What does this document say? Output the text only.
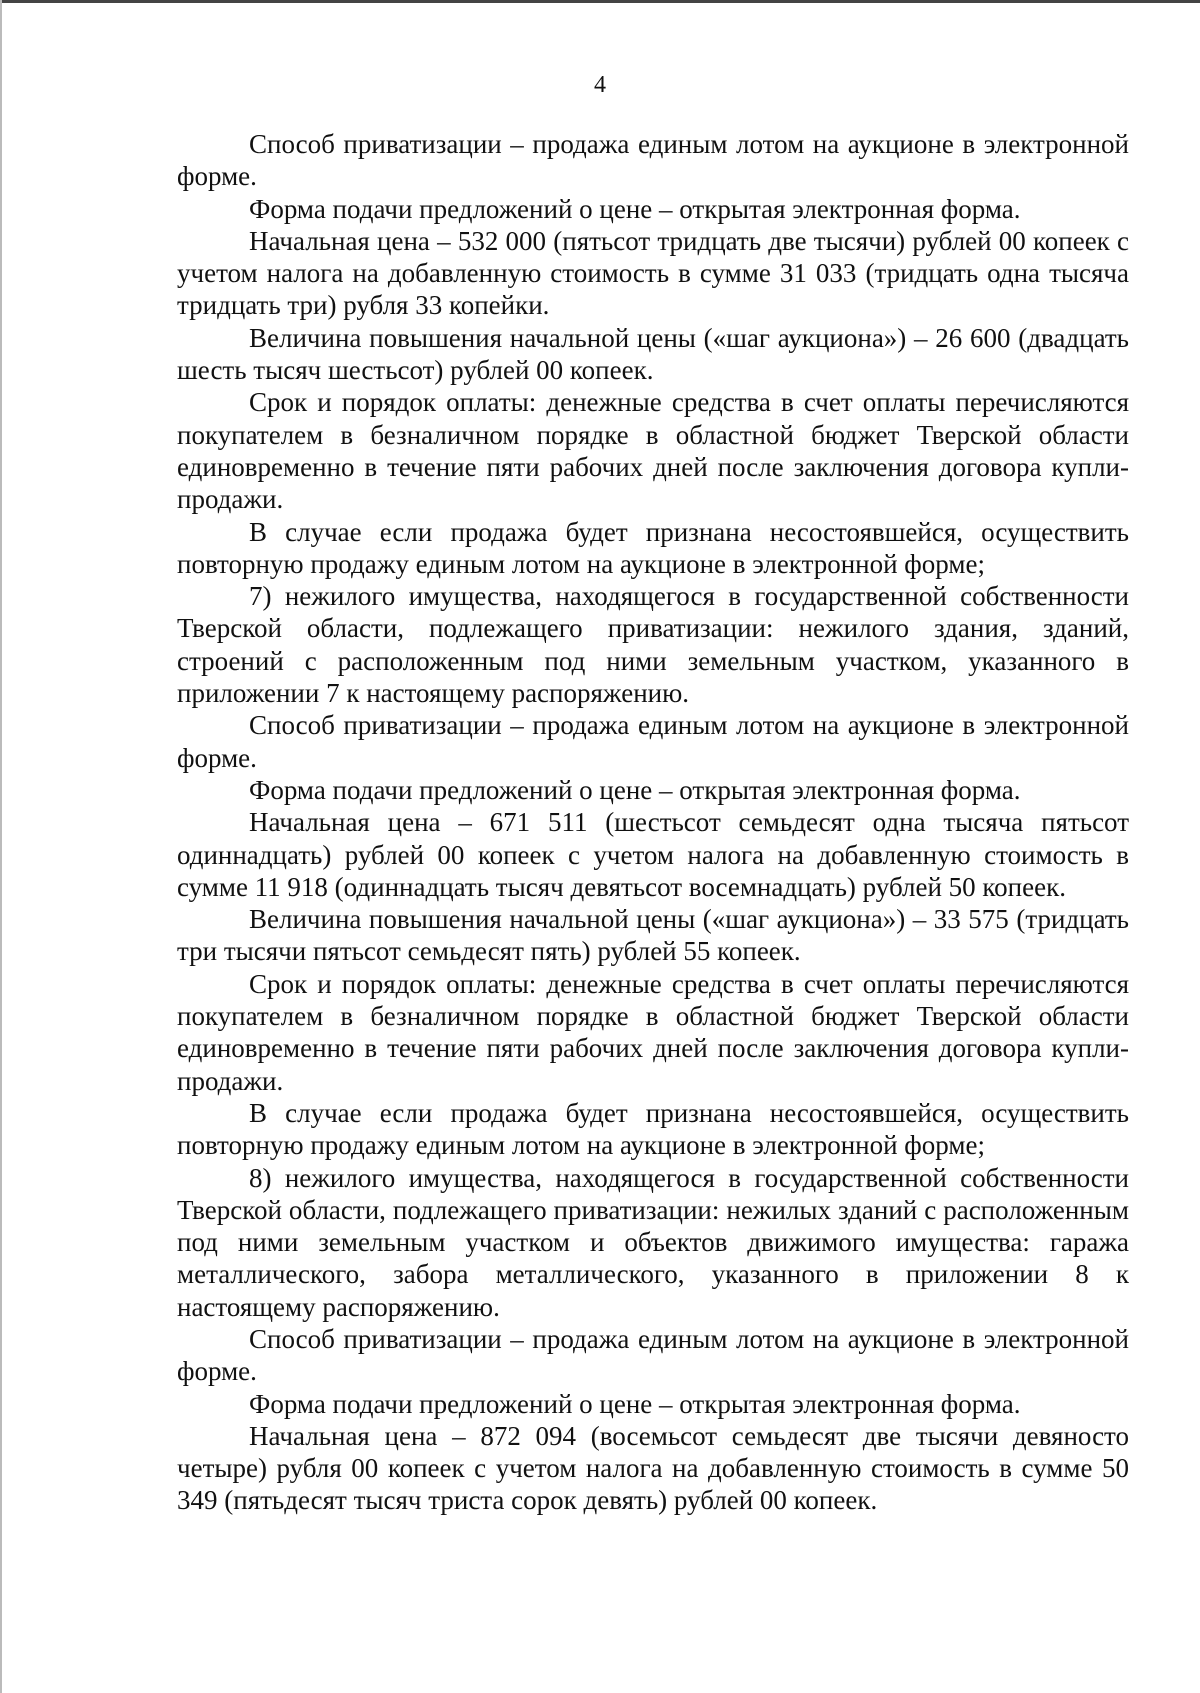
4

Способ приватизации – продажа единым лотом на аукционе в электронной форме.

Форма подачи предложений о цене – открытая электронная форма.

Начальная цена – 532 000 (пятьсот тридцать две тысячи) рублей 00 копеек с учетом налога на добавленную стоимость в сумме 31 033 (тридцать одна тысяча тридцать три) рубля 33 копейки.

Величина повышения начальной цены («шаг аукциона») – 26 600 (двадцать шесть тысяч шестьсот) рублей 00 копеек.

Срок и порядок оплаты: денежные средства в счет оплаты перечисляются покупателем в безналичном порядке в областной бюджет Тверской области единовременно в течение пяти рабочих дней после заключения договора купли-продажи.

В случае если продажа будет признана несостоявшейся, осуществить повторную продажу единым лотом на аукционе в электронной форме;

7) нежилого имущества, находящегося в государственной собственности Тверской области, подлежащего приватизации: нежилого здания, зданий, строений с расположенным под ними земельным участком, указанного в приложении 7 к настоящему распоряжению.

Способ приватизации – продажа единым лотом на аукционе в электронной форме.

Форма подачи предложений о цене – открытая электронная форма.

Начальная цена – 671 511 (шестьсот семьдесят одна тысяча пятьсот одиннадцать) рублей 00 копеек с учетом налога на добавленную стоимость в сумме 11 918 (одиннадцать тысяч девятьсот восемнадцать) рублей 50 копеек.

Величина повышения начальной цены («шаг аукциона») – 33 575 (тридцать три тысячи пятьсот семьдесят пять) рублей 55 копеек.

Срок и порядок оплаты: денежные средства в счет оплаты перечисляются покупателем в безналичном порядке в областной бюджет Тверской области единовременно в течение пяти рабочих дней после заключения договора купли-продажи.

В случае если продажа будет признана несостоявшейся, осуществить повторную продажу единым лотом на аукционе в электронной форме;

8) нежилого имущества, находящегося в государственной собственности Тверской области, подлежащего приватизации: нежилых зданий с расположенным под ними земельным участком и объектов движимого имущества: гаража металлического, забора металлического, указанного в приложении 8 к настоящему распоряжению.

Способ приватизации – продажа единым лотом на аукционе в электронной форме.

Форма подачи предложений о цене – открытая электронная форма.

Начальная цена – 872 094 (восемьсот семьдесят две тысячи девяносто четыре) рубля 00 копеек с учетом налога на добавленную стоимость в сумме 50 349 (пятьдесят тысяч триста сорок девять) рублей 00 копеек.
